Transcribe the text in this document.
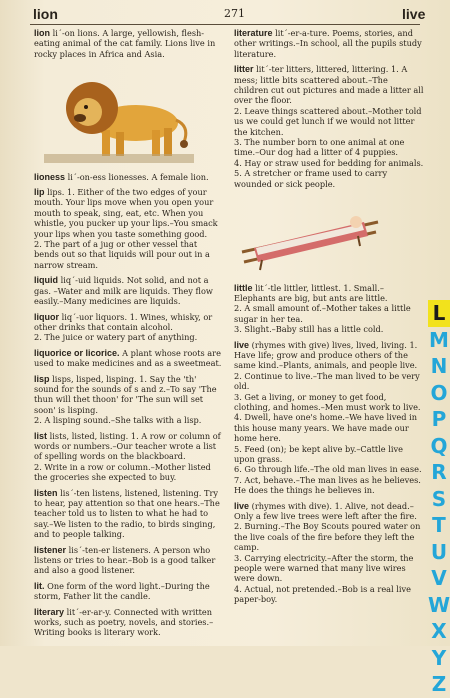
lion	271	live
lion li´-on lions. A large, yellowish, flesh-eating animal of the cat family. Lions live in rocky places in Africa and Asia.
lioness li´-on-ess lionesses. A female lion.
lip lips. 1. Either of the two edges of your mouth. Your lips move when you open your mouth to speak, sing, eat, etc. When you whistle, you pucker up your lips.–You smack your lips when you taste something good.
2. The part of a jug or other vessel that bends out so that liquids will pour out in a narrow stream.
liquid liq´-uid liquids. Not solid, and not a gas. –Water and milk are liquids. They flow easily.–Many medicines are liquids.
liquor liq´-uor liquors. 1. Wines, whisky, or other drinks that contain alcohol.
2. The juice or watery part of anything.
liquorice or licorice. A plant whose roots are used to make medicines and as a sweetmeat.
lisp lisps, lisped, lisping. 1. Say the 'th' sound for the sounds of s and z.–To say 'The thun will thet thoon' for 'The sun will set soon' is lisping.
2. A lisping sound.–She talks with a lisp.
list lists, listed, listing. 1. A row or column of words or numbers.–Our teacher wrote a list of spelling words on the blackboard.
2. Write in a row or column.–Mother listed the groceries she expected to buy.
listen lis´-ten listens, listened, listening. Try to hear, pay attention so that one hears.–The teacher told us to listen to what he had to say.–We listen to the radio, to birds singing, and to people talking.
listener lis´-ten-er listeners. A person who listens or tries to hear.–Bob is a good talker and also a good listener.
lit. One form of the word light.–During the storm, Father lit the candle.
literary lit´-er-ar-y. Connected with written works, such as poetry, novels, and stories.– Writing books is literary work.
literature lit´-er-a-ture. Poems, stories, and other writings.–In school, all the pupils study literature.
litter lit´-ter litters, littered, littering. 1. A mess; little bits scattered about.–The children cut out pictures and made a litter all over the floor.
2. Leave things scattered about.–Mother told us we could get lunch if we would not litter the kitchen.
3. The number born to one animal at one time.–Our dog had a litter of 4 puppies.
4. Hay or straw used for bedding for animals.
5. A stretcher or frame used to carry wounded or sick people.
little lit´-tle littler, littlest. 1. Small.–Elephants are big, but ants are little.
2. A small amount of.–Mother takes a little sugar in her tea.
3. Slight.–Baby still has a little cold.
live (rhymes with give) lives, lived, living. 1. Have life; grow and produce others of the same kind.–Plants, animals, and people live.
2. Continue to live.–The man lived to be very old.
3. Get a living, or money to get food, clothing, and homes.–Men must work to live.
4. Dwell, have one's home.–We have lived in this house many years. We have made our home here.
5. Feed (on); be kept alive by.–Cattle live upon grass.
6. Go through life.–The old man lives in ease.
7. Act, behave.–The man lives as he believes. He does the things he believes in.
live (rhymes with dive). 1. Alive, not dead.– Only a few live trees were left after the fire.
2. Burning.–The Boy Scouts poured water on the live coals of the fire before they left the camp.
3. Carrying electricity.–After the storm, the people were warned that many live wires were down.
4. Actual, not pretended.–Bob is a real live paper-boy.
L
M
N
O
P
Q
R
S
T
U
V
W
X
Y
Z
